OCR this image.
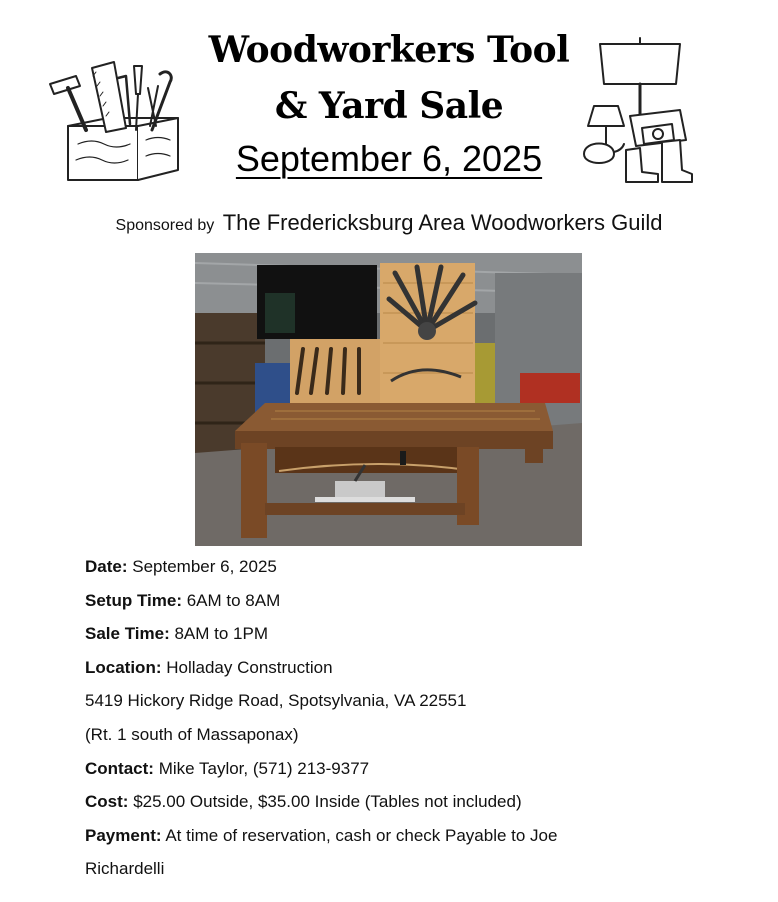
Woodworkers Tool
& Yard Sale
September 6, 2025
Sponsored by The Fredericksburg Area Woodworkers Guild
Date: September 6, 2025
Setup Time: 6AM to 8AM
Sale Time: 8AM to 1PM
Location: Holladay Construction
5419 Hickory Ridge Road, Spotsylvania, VA 22551
(Rt. 1 south of Massaponax)
Contact: Mike Taylor, (571) 213-9377
Cost: $25.00 Outside, $35.00 Inside (Tables not included)
Payment: At time of reservation, cash or check Payable to Joe
Richardelli
